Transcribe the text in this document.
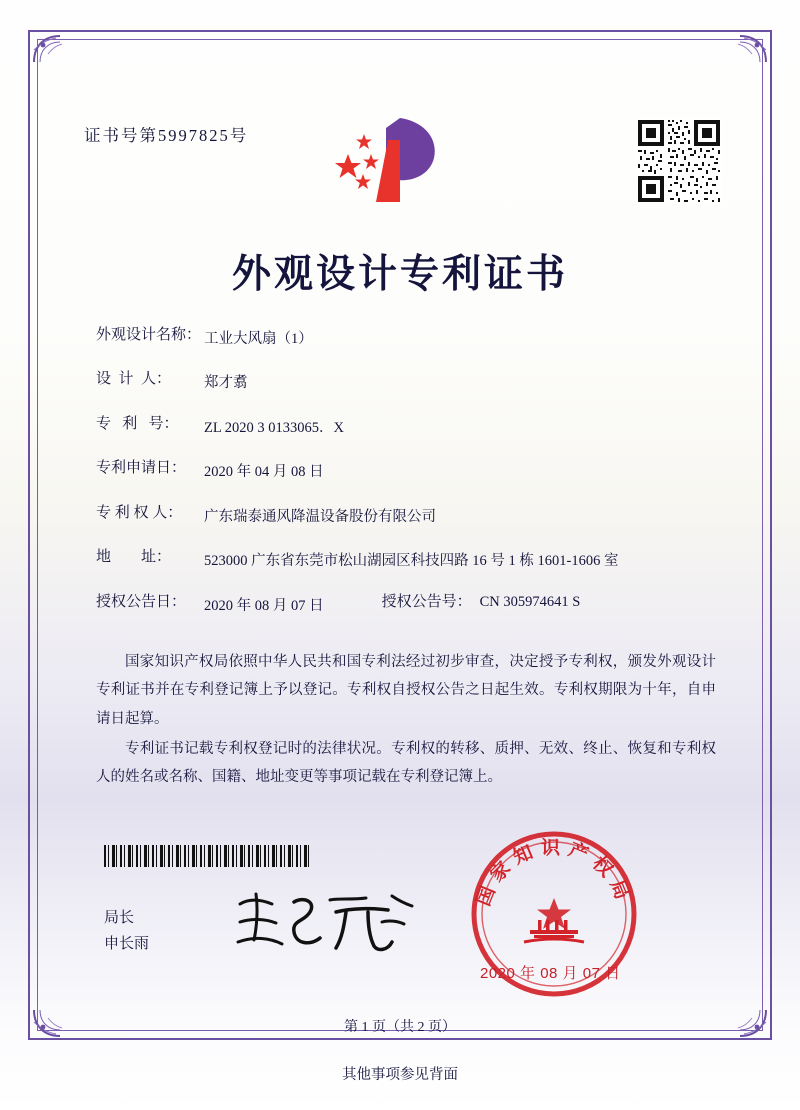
证书号第5997825号
外观设计专利证书
外观设计名称： 工业大风扇（1）
设  计  人：	郑才翥
专   利   号：	ZL 2020 3 0133065．X
专利申请日：	2020 年 04 月 08 日
专 利 权 人：	广东瑞泰通风降温设备股份有限公司
地        址：	523000 广东省东莞市松山湖园区科技四路 16 号 1 栋 1601-1606 室
授权公告日：	2020 年 08 月 07 日	授权公告号： CN 305974641 S

国家知识产权局依照中华人民共和国专利法经过初步审查，决定授予专利权，颁发外观设计专利证书并在专利登记簿上予以登记。专利权自授权公告之日起生效。专利权期限为十年，自申请日起算。

专利证书记载专利权登记时的法律状况。专利权的转移、质押、无效、终止、恢复和专利权人的姓名或名称、国籍、地址变更等事项记载在专利登记簿上。

局长
申长雨
国家知识产权局
2020 年 08 月 07 日
第 1 页（共 2 页）
其他事项参见背面
